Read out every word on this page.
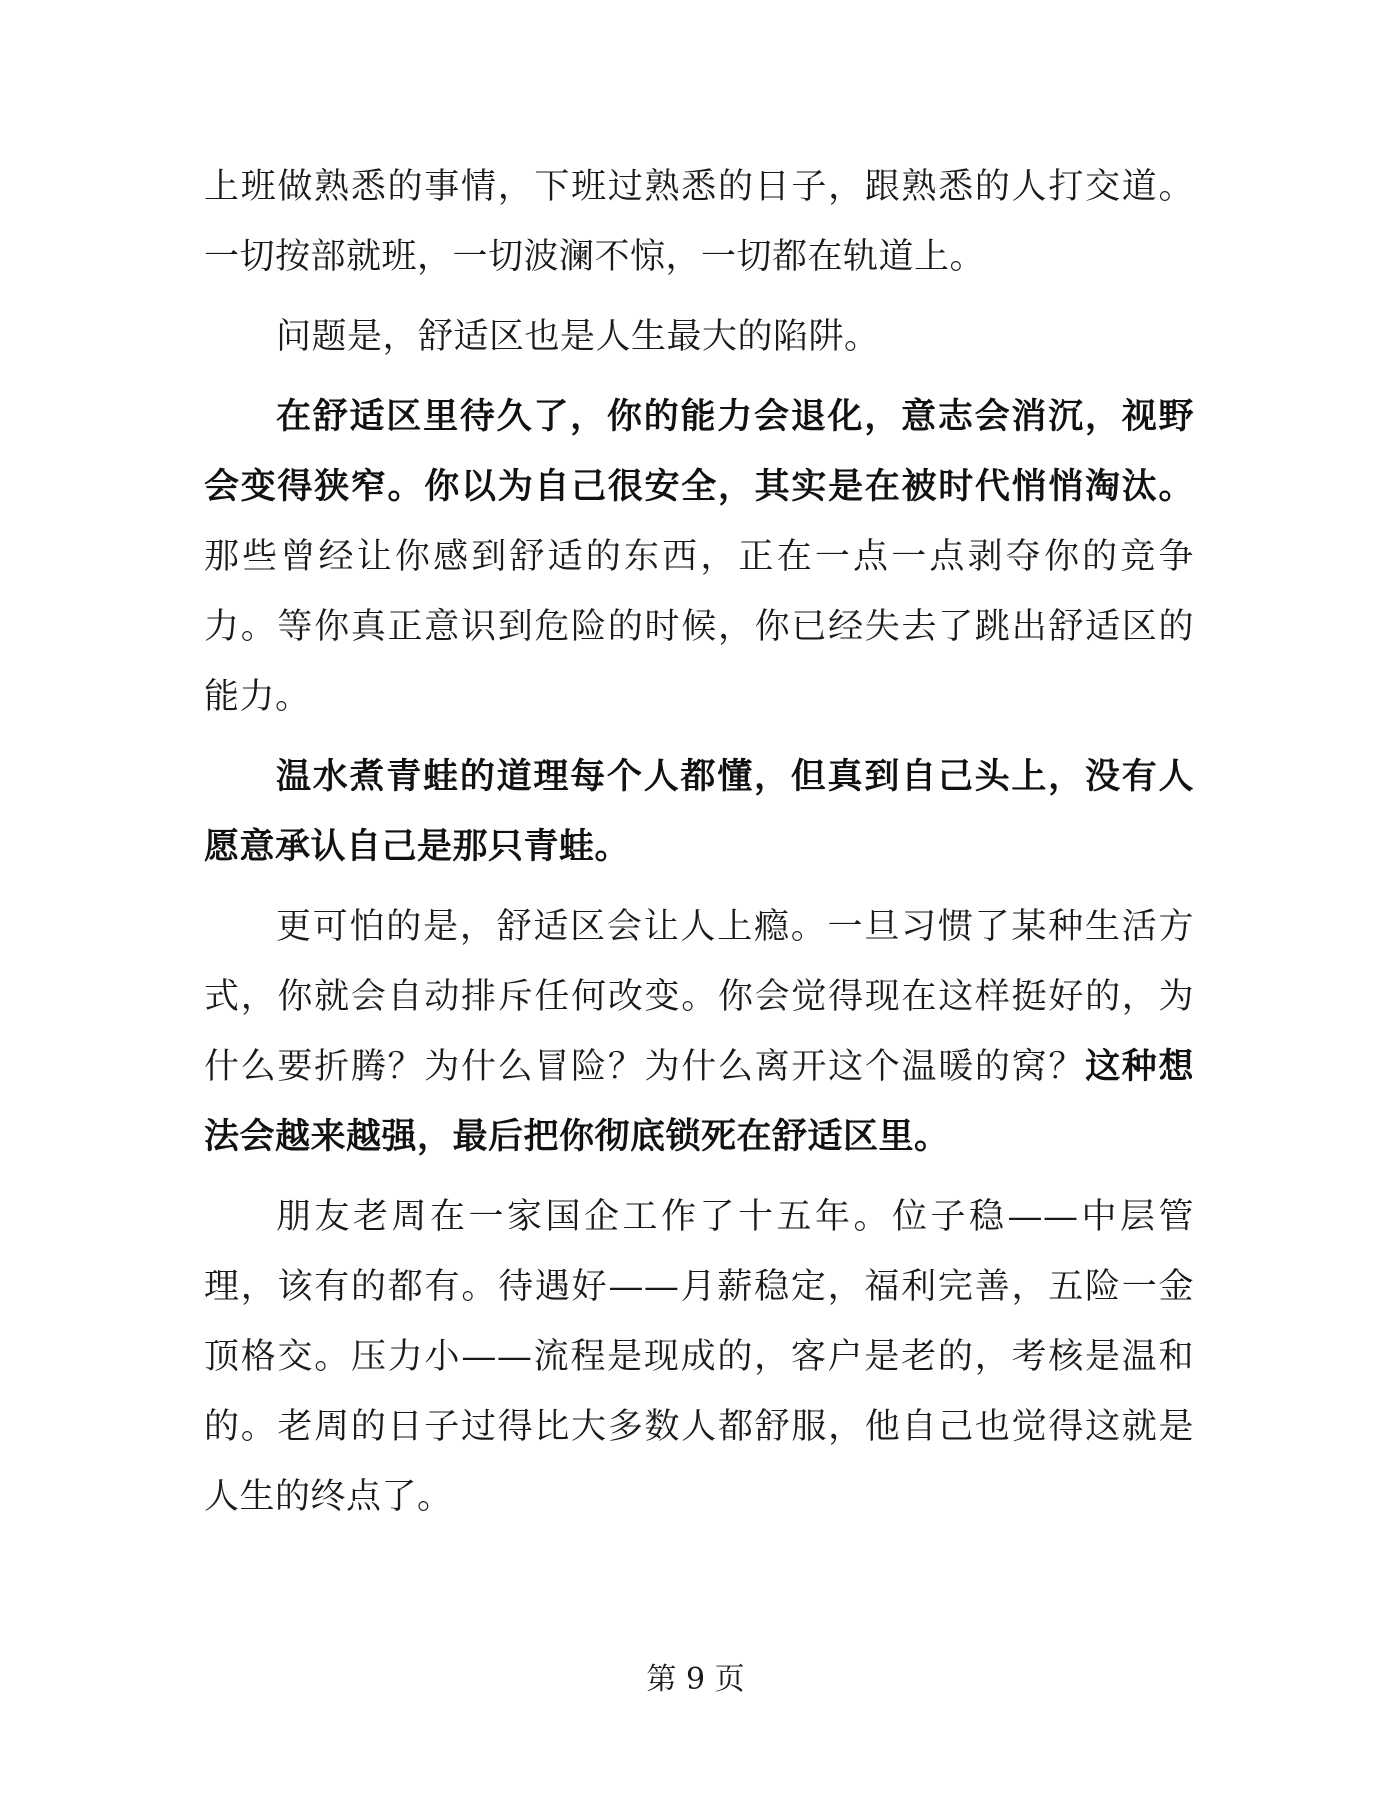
上班做熟悉的事情，下班过熟悉的日子，跟熟悉的人打交道。一切按部就班，一切波澜不惊，一切都在轨道上。

问题是，舒适区也是人生最大的陷阱。

在舒适区里待久了，你的能力会退化，意志会消沉，视野会变得狭窄。你以为自己很安全，其实是在被时代悄悄淘汰。那些曾经让你感到舒适的东西，正在一点一点剥夺你的竞争力。等你真正意识到危险的时候，你已经失去了跳出舒适区的能力。

温水煮青蛙的道理每个人都懂，但真到自己头上，没有人愿意承认自己是那只青蛙。

更可怕的是，舒适区会让人上瘾。一旦习惯了某种生活方式，你就会自动排斥任何改变。你会觉得现在这样挺好的，为什么要折腾？为什么冒险？为什么离开这个温暖的窝？这种想法会越来越强，最后把你彻底锁死在舒适区里。

朋友老周在一家国企工作了十五年。位子稳——中层管理，该有的都有。待遇好——月薪稳定，福利完善，五险一金顶格交。压力小——流程是现成的，客户是老的，考核是温和的。老周的日子过得比大多数人都舒服，他自己也觉得这就是人生的终点了。

第 9 页
